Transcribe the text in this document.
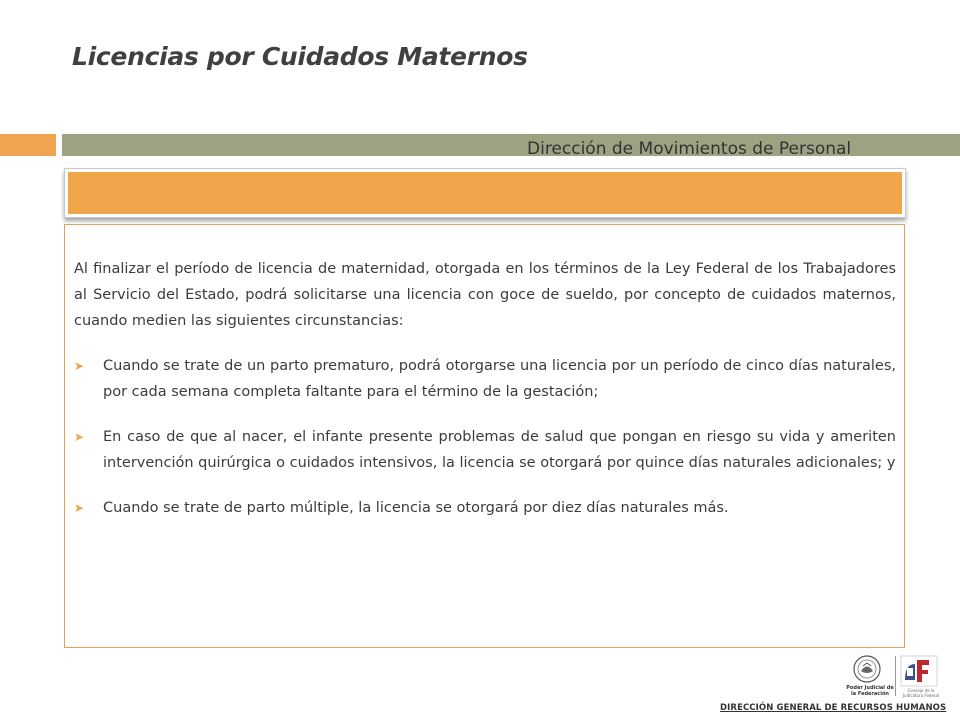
Licencias por Cuidados Maternos
Dirección de Movimientos de Personal

Al finalizar el período de licencia de maternidad, otorgada en los términos de la Ley Federal de los Trabajadores al Servicio del Estado, podrá solicitarse una licencia con goce de sueldo, por concepto de cuidados maternos, cuando medien las siguientes circunstancias:

➤	Cuando se trate de un parto prematuro, podrá otorgarse una licencia por un período de cinco días naturales, por cada semana completa faltante para el término de la gestación;
➤	En caso de que al nacer, el infante presente problemas de salud que pongan en riesgo su vida y ameriten intervención quirúrgica o cuidados intensivos, la licencia se otorgará por quince días naturales adicionales; y
➤	Cuando se trate de parto múltiple, la licencia se otorgará por diez días naturales más.
Poder Judicial de la Federación
Consejo de la Judicatura Federal
DIRECCIÓN GENERAL DE RECURSOS HUMANOS
